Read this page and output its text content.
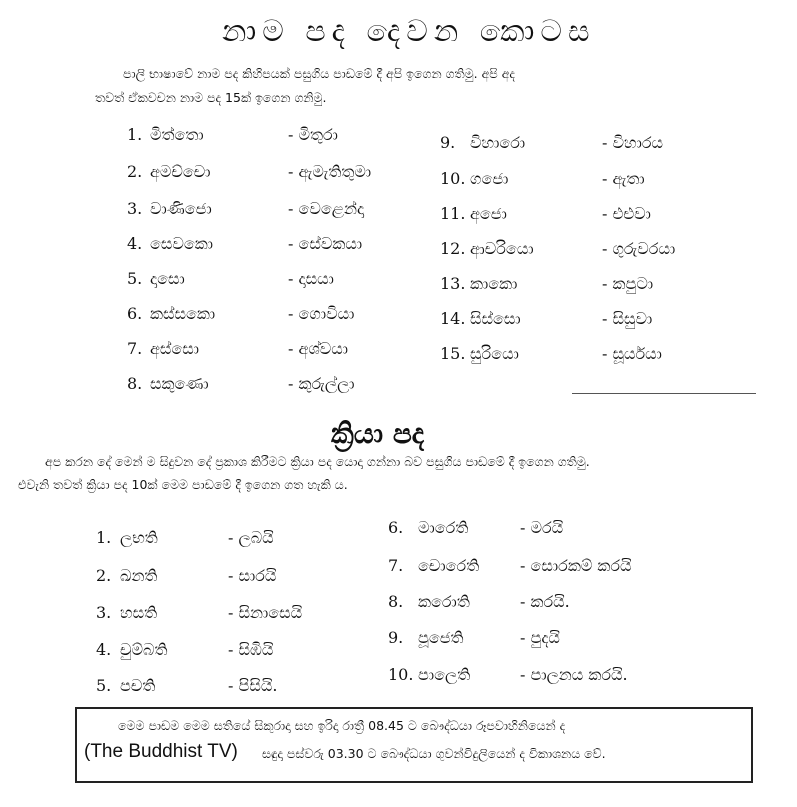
නාම පද දෙවන කොටස
පාලි භාෂාවේ නාම පද කිහිපයක් පසුගිය පාඩමේ දී අපි ඉගෙන ගතිමු. අපි අද
තවත් ඒකවචන නාම පද 15ක් ඉගෙන ගනිමු.
1. මිත්තො	- මිතුරා
2. අමච්චො	- ඇමැතිතුමා
3. වාණිජො	- වෙළෙන්දා
4. සෙවකො	- සේවකයා
5. දාසො	- දාසයා
6. කස්සකො	- ගොවියා
7. අස්සො	- අශ්වයා
8. සකුණො	- කුරුල්ලා
9. විහාරො	- විහාරය
10. ගජො	- ඇතා
11. අජො	- එළුවා
12. ආචරියො	- ගුරුවරයා
13. කාකො	- කපුටා
14. සිස්සො	- සිසුවා
15. සුරියො	- සූර්යයා
ක්‍රියා පද
අප කරන දේ මෙන් ම සිදුවන දේ ප්‍රකාශ කිරීමට ක්‍රියා පද යොදා ගන්නා බව පසුගිය පාඩමේ දී ඉගෙන ගතිමු.
එවැනි තවත් ක්‍රියා පද 10ක් මෙම පාඩමේ දී ඉගෙන ගත හැකි ය.
1. ලභති	- ලබයි
2. ඛනති	- සාරයි
3. හසති	- සිනාසෙයි
4. චුම්බති	- සිඹියි
5. පචති	- පිසියි.
6. මාරෙති	- මරයි
7. චොරෙති	- සොරකම් කරයි
8. කරොති	- කරයි.
9. පූජෙති	- පුදයි
10. පාලෙති	- පාලනය කරයි.
මෙම පාඩම මෙම සතියේ සිකුරාදා සහ ඉරිදා රාත්‍රී 08.45 ට බෞද්ධයා රූපවාහිනියෙන් ද
(The Buddhist TV) සඳුදා පස්වරු 03.30 ට බෞද්ධයා ගුවන්විදුලියෙන් ද විකාශනය වේ.
